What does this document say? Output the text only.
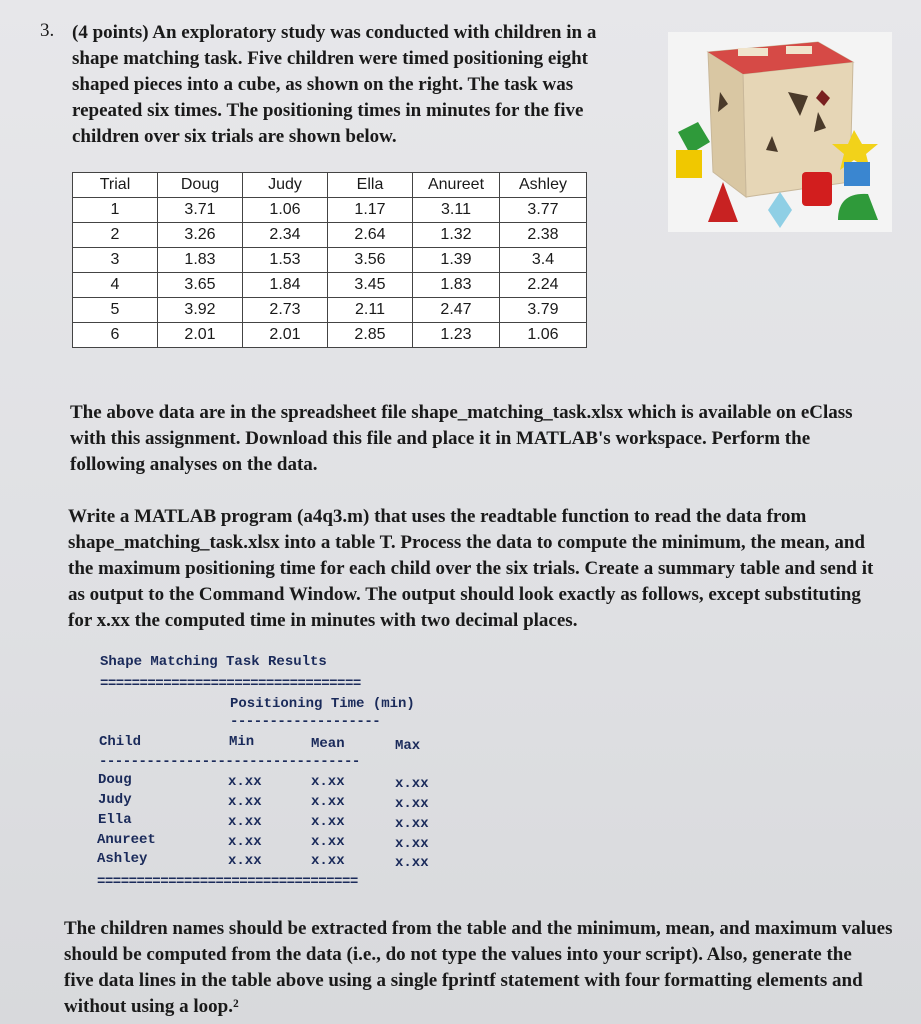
3. (4 points) An exploratory study was conducted with children in a
shape matching task. Five children were timed positioning eight
shaped pieces into a cube, as shown on the right. The task was
repeated six times. The positioning times in minutes for the five
children over six trials are shown below.
Trial	Doug	Judy	Ella	Anureet	Ashley
1	3.71	1.06	1.17	3.11	3.77
2	3.26	2.34	2.64	1.32	2.38
3	1.83	1.53	3.56	1.39	3.4
4	3.65	1.84	3.45	1.83	2.24
5	3.92	2.73	2.11	2.47	3.79
6	2.01	2.01	2.85	1.23	1.06
The above data are in the spreadsheet file shape_matching_task.xlsx which is available on eClass
with this assignment. Download this file and place it in MATLAB's workspace. Perform the
following analyses on the data.
Write a MATLAB program (a4q3.m) that uses the readtable function to read the data from
shape_matching_task.xlsx into a table T. Process the data to compute the minimum, the mean, and
the maximum positioning time for each child over the six trials. Create a summary table and send it
as output to the Command Window. The output should look exactly as follows, except substituting
for x.xx the computed time in minutes with two decimal places.
Shape Matching Task Results
=================================
Positioning Time (min)
-------------------
Child	Min	Mean	Max
---------------------------------
Doug	x.xx	x.xx	x.xx
Judy	x.xx	x.xx	x.xx
Ella	x.xx	x.xx	x.xx
Anureet	x.xx	x.xx	x.xx
Ashley	x.xx	x.xx	x.xx
=================================
The children names should be extracted from the table and the minimum, mean, and maximum values
should be computed from the data (i.e., do not type the values into your script). Also, generate the
five data lines in the table above using a single fprintf statement with four formatting elements and
without using a loop.²
